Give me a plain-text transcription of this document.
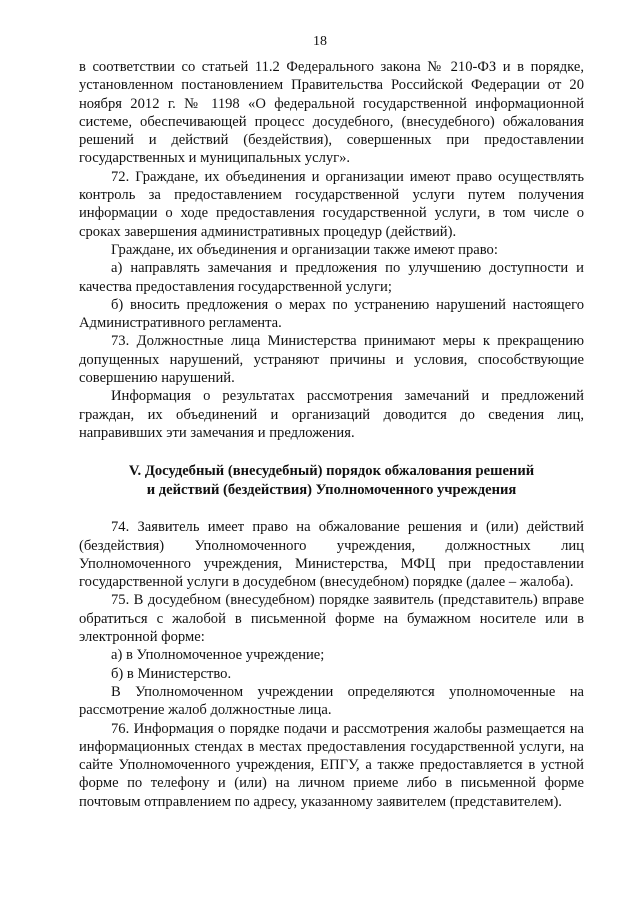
18

в соответствии со статьей 11.2 Федерального закона № 210-ФЗ и в порядке, установленном постановлением Правительства Российской Федерации от 20 ноября 2012 г. № 1198 «О федеральной государственной информационной системе, обеспечивающей процесс досудебного, (внесудебного) обжалования решений и действий (бездействия), совершенных при предоставлении государственных и муниципальных услуг».

72. Граждане, их объединения и организации имеют право осуществлять контроль за предоставлением государственной услуги путем получения информации о ходе предоставления государственной услуги, в том числе о сроках завершения административных процедур (действий).

Граждане, их объединения и организации также имеют право:

а) направлять замечания и предложения по улучшению доступности и качества предоставления государственной услуги;

б) вносить предложения о мерах по устранению нарушений настоящего Административного регламента.

73. Должностные лица Министерства принимают меры к прекращению допущенных нарушений, устраняют причины и условия, способствующие совершению нарушений.

Информация о результатах рассмотрения замечаний и предложений граждан, их объединений и организаций доводится до сведения лиц, направивших эти замечания и предложения.

V. Досудебный (внесудебный) порядок обжалования решений
и действий (бездействия) Уполномоченного учреждения

74. Заявитель имеет право на обжалование решения и (или) действий (бездействия) Уполномоченного учреждения, должностных лиц Уполномоченного учреждения, Министерства, МФЦ при предоставлении государственной услуги в досудебном (внесудебном) порядке (далее – жалоба).

75. В досудебном (внесудебном) порядке заявитель (представитель) вправе обратиться с жалобой в письменной форме на бумажном носителе или в электронной форме:

а) в Уполномоченное учреждение;

б) в Министерство.

В Уполномоченном учреждении определяются уполномоченные на рассмотрение жалоб должностные лица.

76. Информация о порядке подачи и рассмотрения жалобы размещается на информационных стендах в местах предоставления государственной услуги, на сайте Уполномоченного учреждения, ЕПГУ, а также предоставляется в устной форме по телефону и (или) на личном приеме либо в письменной форме почтовым отправлением по адресу, указанному заявителем (представителем).
